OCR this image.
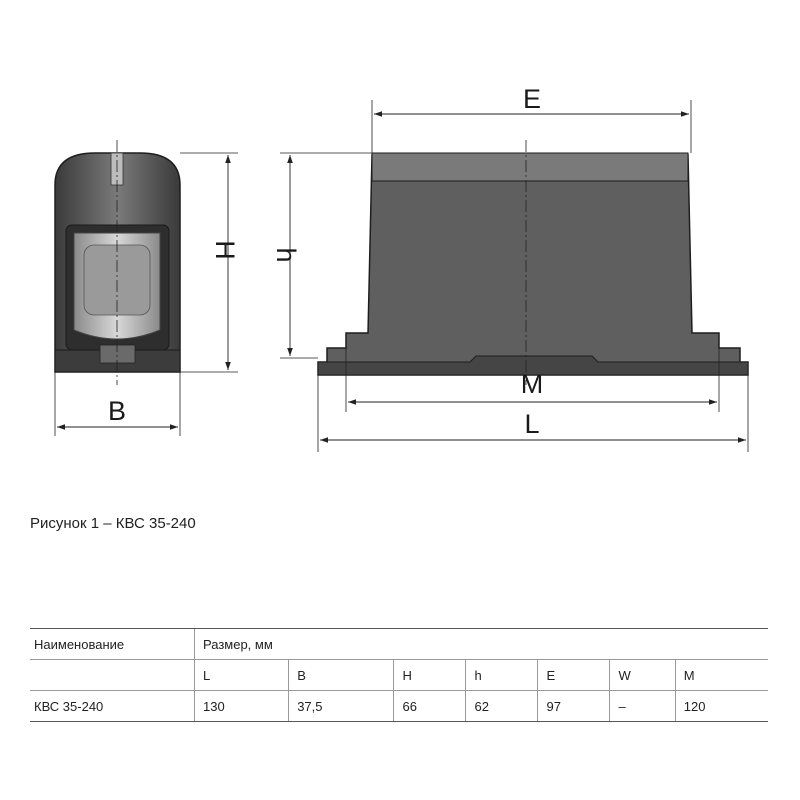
H
B
E
h
M
L
Рисунок 1 – КВС 35-240
Наименование	Размер, мм						
	L	B	H	h	E	W	M
КВС 35-240	130	37,5	66	62	97	–	120
